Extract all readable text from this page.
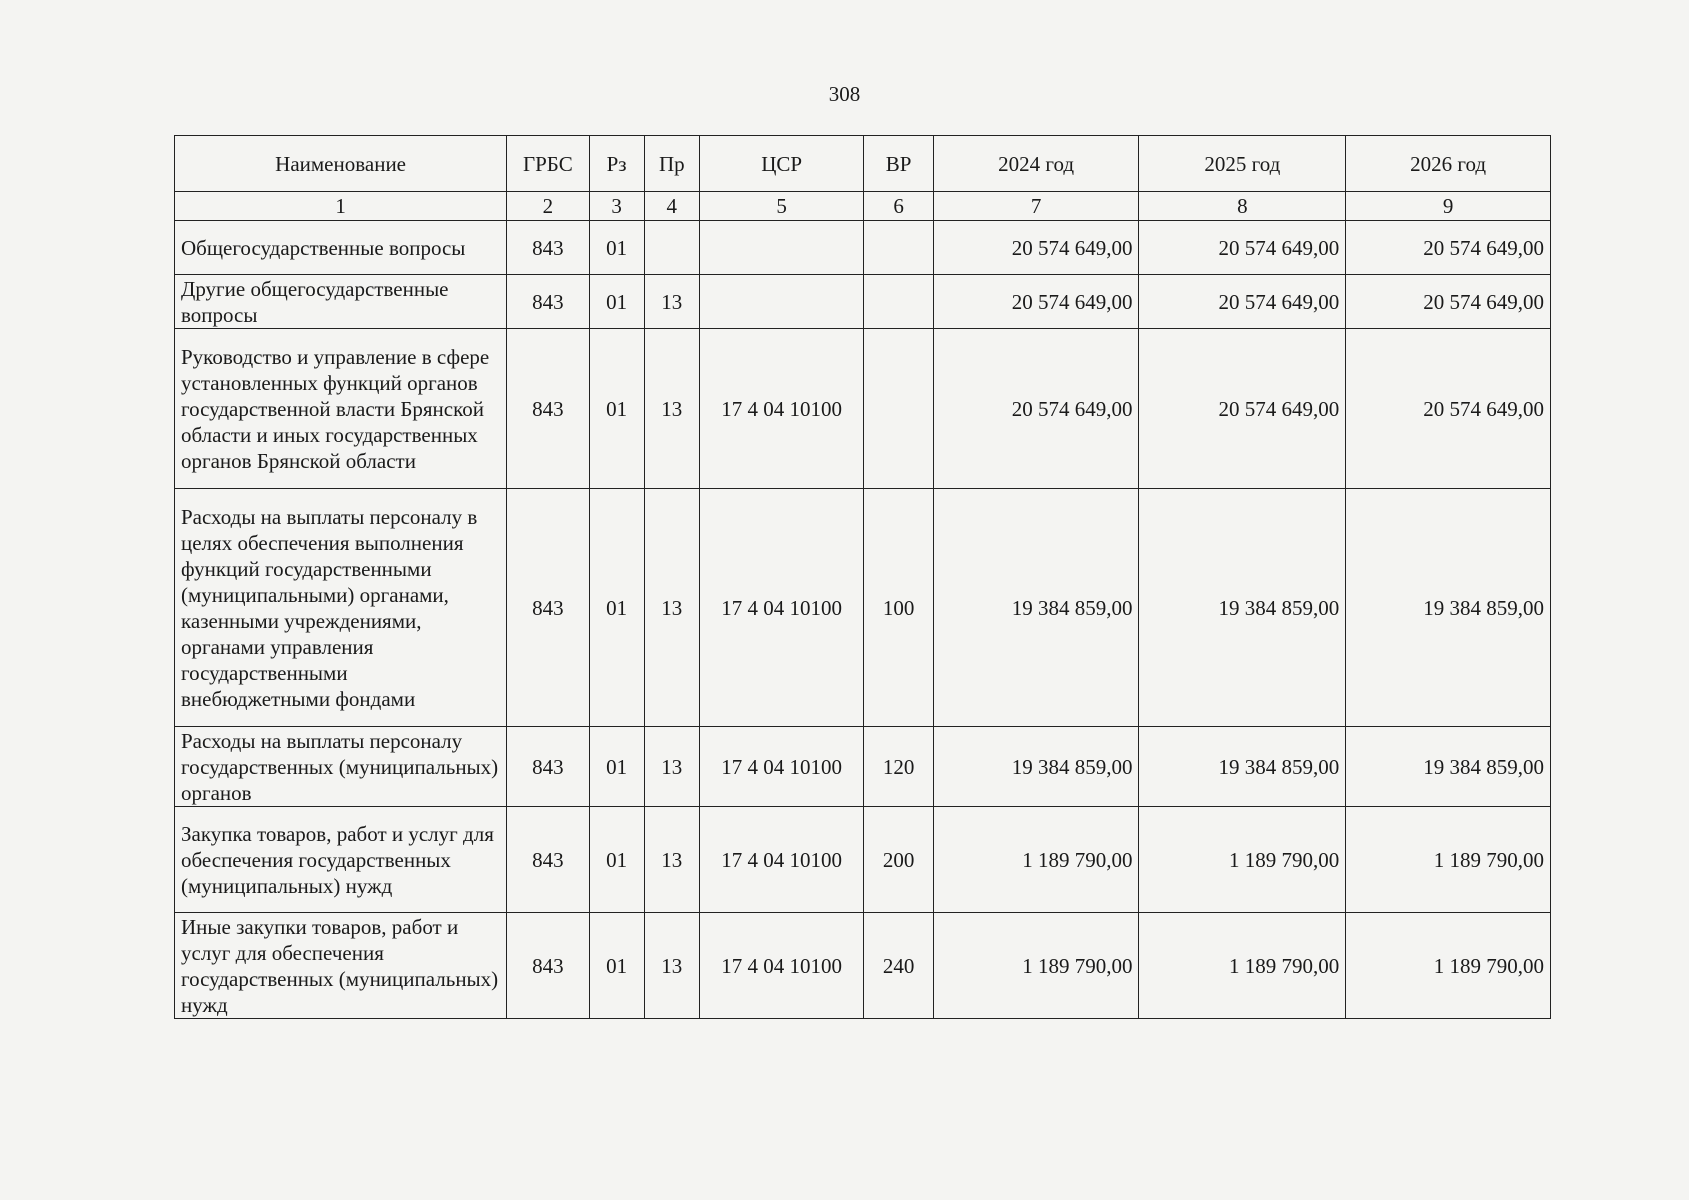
308
Наименование	ГРБС	Рз	Пр	ЦСР	ВР	2024 год	2025 год	2026 год
1	2	3	4	5	6	7	8	9
Общегосударственные вопросы	843	01				20 574 649,00	20 574 649,00	20 574 649,00
Другие общегосударственные вопросы	843	01	13			20 574 649,00	20 574 649,00	20 574 649,00
Руководство и управление в сфере установленных функций органов государственной власти Брянской области и иных государственных органов Брянской области	843	01	13	17 4 04 10100		20 574 649,00	20 574 649,00	20 574 649,00
Расходы на выплаты персоналу в целях обеспечения выполнения функций государственными (муниципальными) органами, казенными учреждениями, органами управления государственными внебюджетными фондами	843	01	13	17 4 04 10100	100	19 384 859,00	19 384 859,00	19 384 859,00
Расходы на выплаты персоналу государственных (муниципальных) органов	843	01	13	17 4 04 10100	120	19 384 859,00	19 384 859,00	19 384 859,00
Закупка товаров, работ и услуг для обеспечения государственных (муниципальных) нужд	843	01	13	17 4 04 10100	200	1 189 790,00	1 189 790,00	1 189 790,00
Иные закупки товаров, работ и услуг для обеспечения государственных (муниципальных) нужд	843	01	13	17 4 04 10100	240	1 189 790,00	1 189 790,00	1 189 790,00
